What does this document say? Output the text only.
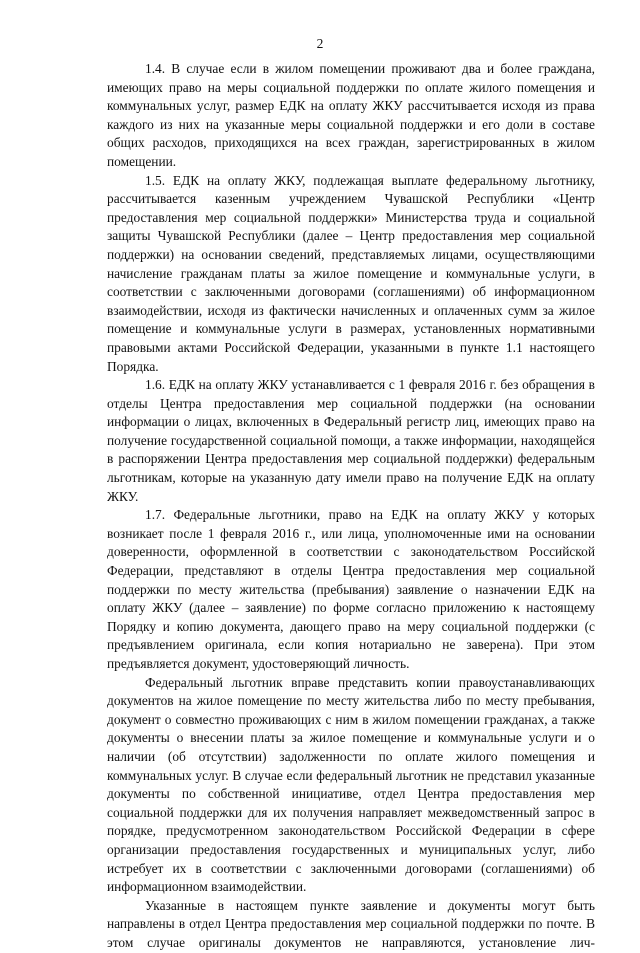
2

1.4. В случае если в жилом помещении проживают два и более граждана, имеющих право на меры социальной поддержки по оплате жилого помещения и коммунальных услуг, размер ЕДК на оплату ЖКУ рассчитывается исходя из права каждого из них на указанные меры социальной поддержки и его доли в составе общих расходов, приходящихся на всех граждан, зарегистрированных в жилом помещении.

1.5. ЕДК на оплату ЖКУ, подлежащая выплате федеральному льготнику, рассчитывается казенным учреждением Чувашской Республики «Центр предоставления мер социальной поддержки» Министерства труда и социальной защиты Чувашской Республики (далее – Центр предоставления мер социальной поддержки) на основании сведений, представляемых лицами, осуществляющими начисление гражданам платы за жилое помещение и коммунальные услуги, в соответствии с заключенными договорами (соглашениями) об информационном взаимодействии, исходя из фактически начисленных и оплаченных сумм за жилое помещение и коммунальные услуги в размерах, установленных нормативными правовыми актами Российской Федерации, указанными в пункте 1.1 настоящего Порядка.

1.6. ЕДК на оплату ЖКУ устанавливается с 1 февраля 2016 г. без обращения в отделы Центра предоставления мер социальной поддержки (на основании информации о лицах, включенных в Федеральный регистр лиц, имеющих право на получение государственной социальной помощи, а также информации, находящейся в распоряжении Центра предоставления мер социальной поддержки) федеральным льготникам, которые на указанную дату имели право на получение ЕДК на оплату ЖКУ.

1.7. Федеральные льготники, право на ЕДК на оплату ЖКУ у которых возникает после 1 февраля 2016 г., или лица, уполномоченные ими на основании доверенности, оформленной в соответствии с законодательством Российской Федерации, представляют в отделы Центра предоставления мер социальной поддержки по месту жительства (пребывания) заявление о назначении ЕДК на оплату ЖКУ (далее – заявление) по форме согласно приложению к настоящему Порядку и копию документа, дающего право на меру социальной поддержки (с предъявлением оригинала, если копия нотариально не заверена). При этом предъявляется документ, удостоверяющий личность.

Федеральный льготник вправе представить копии правоустанавливающих документов на жилое помещение по месту жительства либо по месту пребывания, документ о совместно проживающих с ним в жилом помещении гражданах, а также документы о внесении платы за жилое помещение и коммунальные услуги и о наличии (об отсутствии) задолженности по оплате жилого помещения и коммунальных услуг. В случае если федеральный льготник не представил указанные документы по собственной инициативе, отдел Центра предоставления мер социальной поддержки для их получения направляет межведомственный запрос в порядке, предусмотренном законодательством Российской Федерации в сфере организации предоставления государственных и муниципальных услуг, либо истребует их в соответствии с заключенными договорами (соглашениями) об информационном взаимодействии.

Указанные в настоящем пункте заявление и документы могут быть направлены в отдел Центра предоставления мер социальной поддержки по почте. В этом случае оригиналы документов не направляются, установление лич-
